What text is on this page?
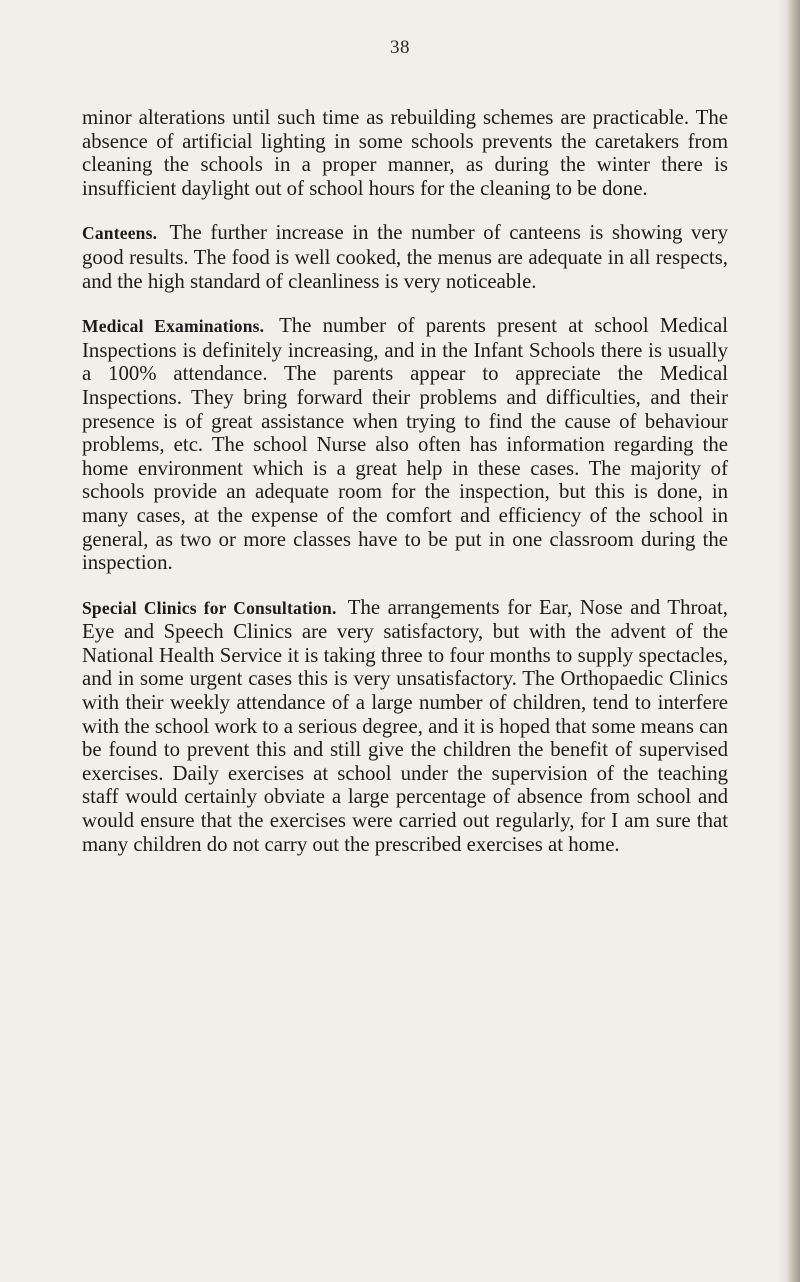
38

minor alterations until such time as rebuilding schemes are practicable. The absence of artificial lighting in some schools prevents the caretakers from cleaning the schools in a proper manner, as during the winter there is insufficient daylight out of school hours for the cleaning to be done.

Canteens. The further increase in the number of canteens is showing very good results. The food is well cooked, the menus are adequate in all respects, and the high standard of cleanliness is very noticeable.

Medical Examinations. The number of parents present at school Medical Inspections is definitely increasing, and in the Infant Schools there is usually a 100% attendance. The parents appear to appreciate the Medical Inspections. They bring forward their problems and difficulties, and their presence is of great assistance when trying to find the cause of behaviour problems, etc. The school Nurse also often has information regarding the home environment which is a great help in these cases. The majority of schools provide an adequate room for the inspection, but this is done, in many cases, at the expense of the comfort and efficiency of the school in general, as two or more classes have to be put in one classroom during the inspection.

Special Clinics for Consultation. The arrangements for Ear, Nose and Throat, Eye and Speech Clinics are very satisfactory, but with the advent of the National Health Service it is taking three to four months to supply spectacles, and in some urgent cases this is very unsatisfactory. The Orthopaedic Clinics with their weekly attendance of a large number of children, tend to interfere with the school work to a serious degree, and it is hoped that some means can be found to prevent this and still give the children the benefit of supervised exercises. Daily exercises at school under the supervision of the teaching staff would certainly obviate a large percentage of absence from school and would ensure that the exercises were carried out regularly, for I am sure that many children do not carry out the prescribed exercises at home.
